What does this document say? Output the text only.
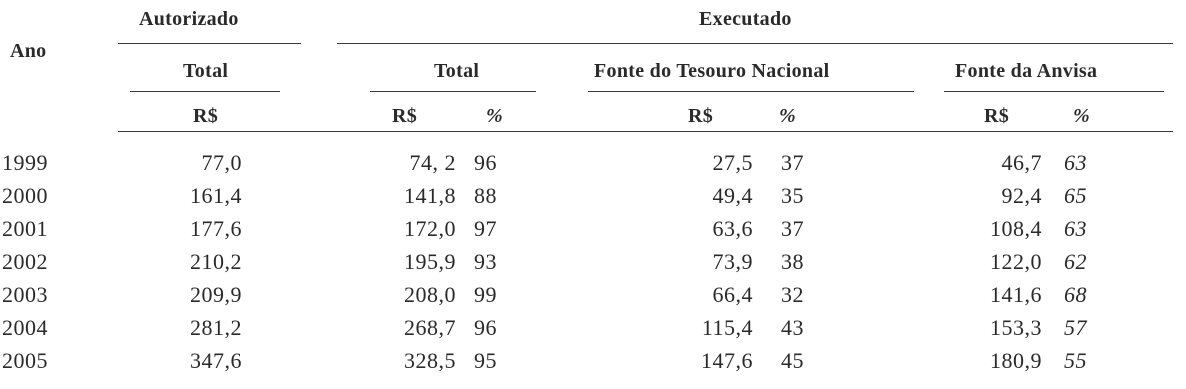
Ano
Autorizado	Executado
Total	Total	Fonte do Tesouro Nacional	Fonte da Anvisa
R$	R$	%	R$	%	R$	%
1999	77,0	74, 2 96	27,5 37	46,7 63
2000	161,4	141,8 88	49,4 35	92,4 65
2001	177,6	172,0 97	63,6 37	108,4 63
2002	210,2	195,9 93	73,9 38	122,0 62
2003	209,9	208,0 99	66,4 32	141,6 68
2004	281,2	268,7 96	115,4 43	153,3 57
2005	347,6	328,5 95	147,6 45	180,9 55
